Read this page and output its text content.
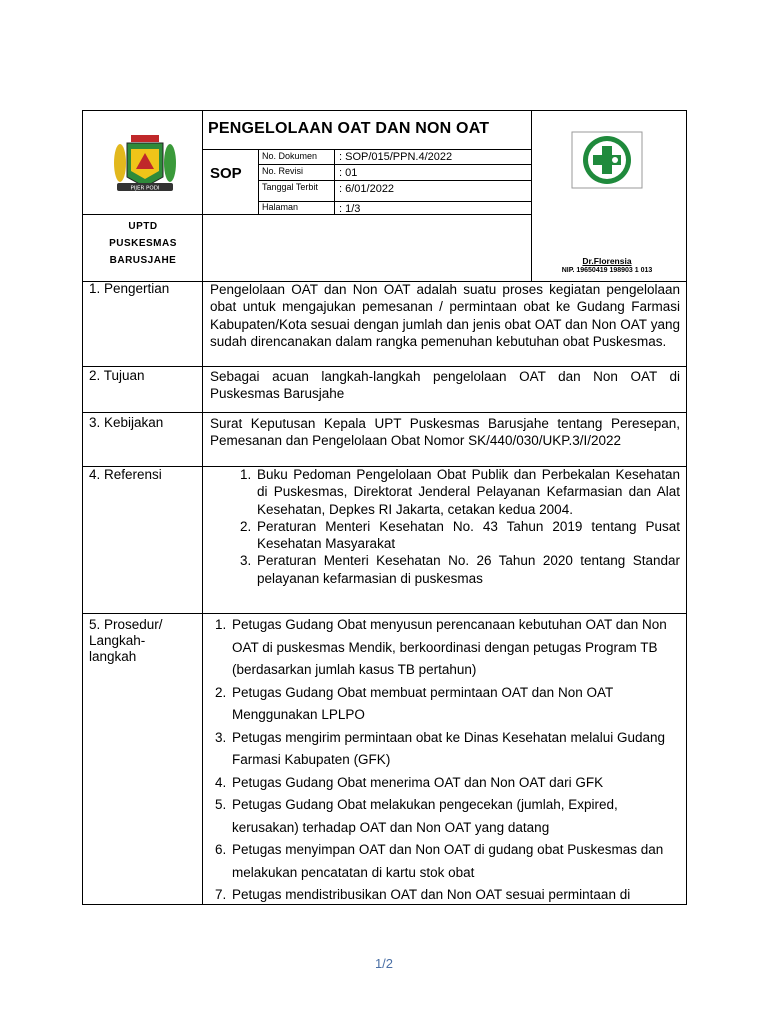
PIJER PODI
PENGELOLAAN OAT DAN NON OAT
SOP
No. Dokumen
No. Revisi
Tanggal Terbit
Halaman
: SOP/015/PPN.4/2022
: 01
: 6/01/2022
: 1/3
UPTD
PUSKESMAS
BARUSJAHE	Dr.Florensia
NIP. 19650419 198903 1 013
1. Pengertian	Pengelolaan OAT dan Non OAT adalah suatu proses kegiatan pengelolaan obat untuk mengajukan pemesanan / permintaan obat ke Gudang Farmasi Kabupaten/Kota sesuai dengan jumlah dan jenis obat OAT dan Non OAT yang sudah direncanakan dalam rangka pemenuhan kebutuhan obat Puskesmas.
2. Tujuan	Sebagai acuan langkah-langkah pengelolaan OAT dan Non OAT di Puskesmas Barusjahe
3. Kebijakan	Surat Keputusan Kepala UPT Puskesmas Barusjahe tentang Peresepan, Pemesanan dan Pengelolaan Obat Nomor SK/440/030/UKP.3/I/2022
4. Referensi
1.	Buku Pedoman Pengelolaan Obat Publik dan Perbekalan Kesehatan di Puskesmas, Direktorat Jenderal Pelayanan Kefarmasian dan Alat Kesehatan, Depkes RI Jakarta, cetakan kedua 2004.
2. Peraturan Menteri Kesehatan No. 43 Tahun 2019 tentang Pusat Kesehatan Masyarakat
3. Peraturan Menteri Kesehatan No. 26 Tahun 2020 tentang Standar pelayanan kefarmasian di puskesmas
5. Prosedur/
Langkah-
langkah
1. Petugas Gudang Obat menyusun perencanaan kebutuhan OAT dan Non OAT di puskesmas Mendik, berkoordinasi dengan petugas Program TB (berdasarkan jumlah kasus TB pertahun)
2. Petugas Gudang Obat membuat permintaan OAT dan Non OAT Menggunakan LPLPO
3. Petugas mengirim permintaan obat ke Dinas Kesehatan melalui Gudang Farmasi Kabupaten (GFK)
4. Petugas Gudang Obat menerima OAT dan Non OAT dari GFK
5. Petugas Gudang Obat melakukan pengecekan (jumlah, Expired, kerusakan) terhadap OAT dan Non OAT yang datang
6. Petugas menyimpan OAT dan Non OAT di gudang obat Puskesmas dan melakukan pencatatan di kartu stok obat
7. Petugas mendistribusikan OAT dan Non OAT sesuai permintaan di
1/2
